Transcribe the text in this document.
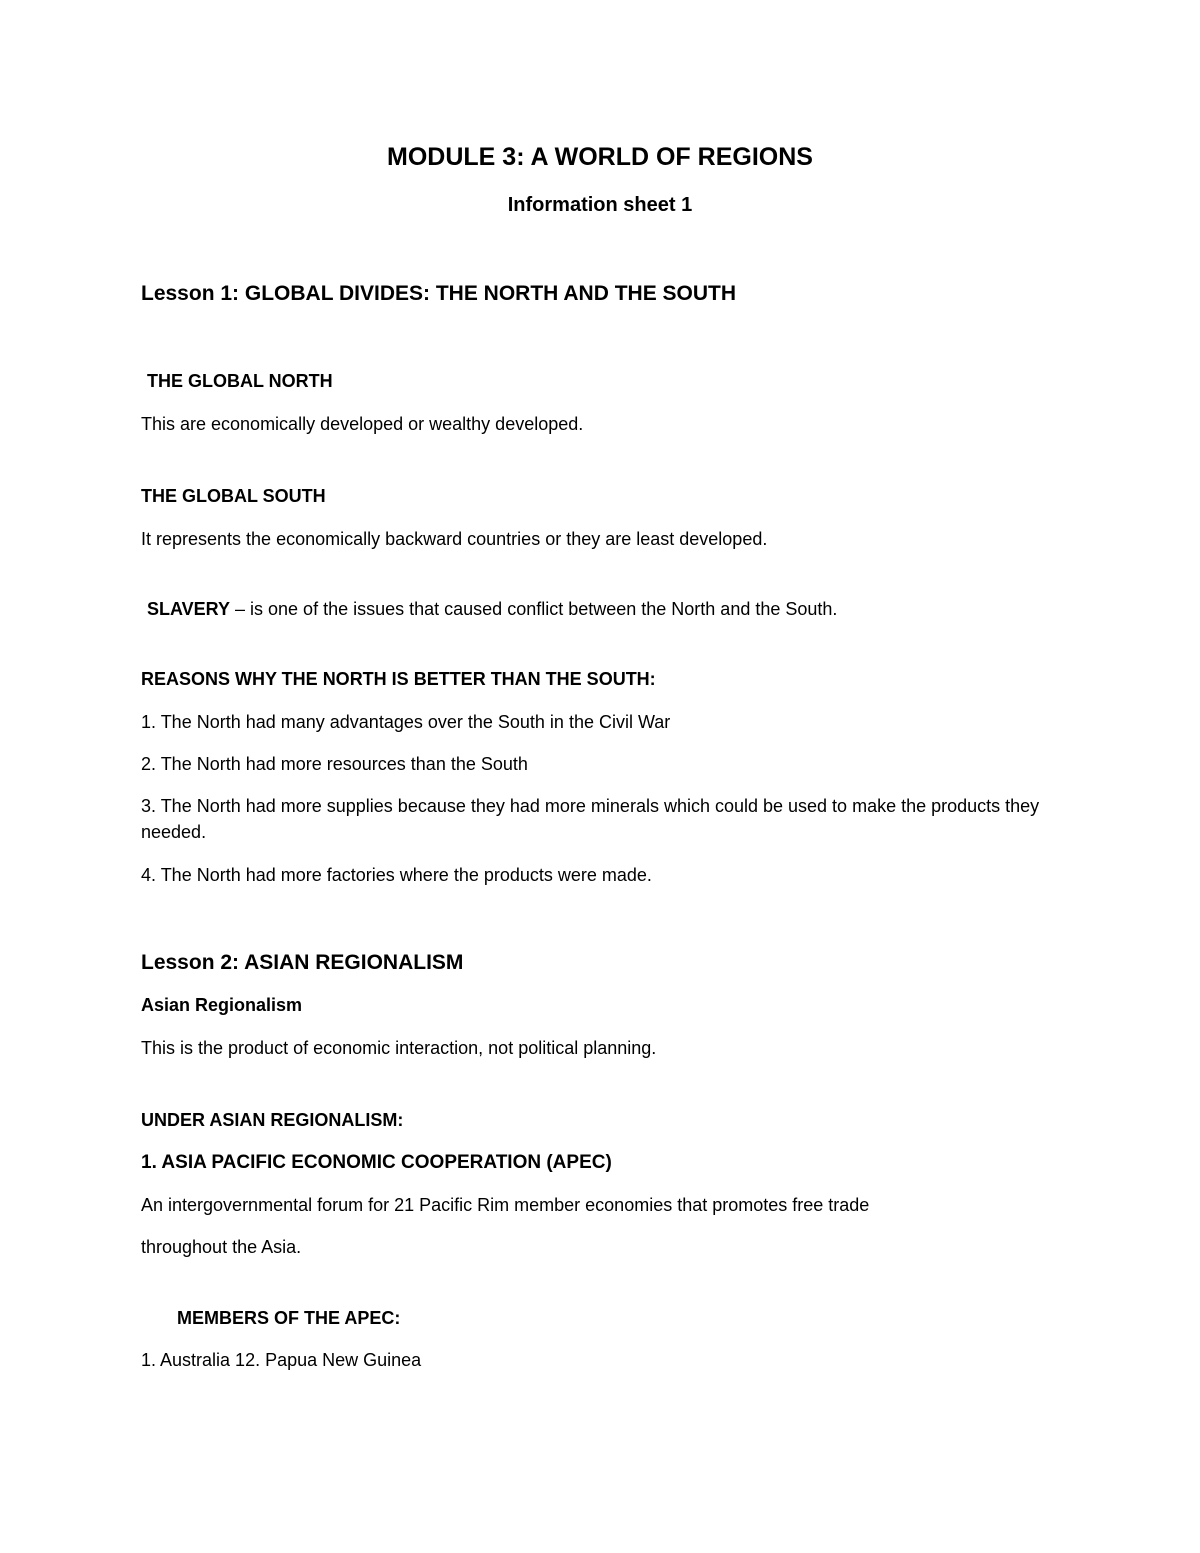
MODULE 3: A WORLD OF REGIONS
Information sheet 1
Lesson 1: GLOBAL DIVIDES: THE NORTH AND THE SOUTH
THE GLOBAL NORTH
This are economically developed or wealthy developed.
THE GLOBAL SOUTH
It represents the economically backward countries or they are least developed.
SLAVERY – is one of the issues that caused conflict between the North and the South.
REASONS WHY THE NORTH IS BETTER THAN THE SOUTH:
1. The North had many advantages over the South in the Civil War
2. The North had more resources than the South
3. The North had more supplies because they had more minerals which could be used to make the products they needed.
4. The North had more factories where the products were made.
Lesson 2: ASIAN REGIONALISM
Asian Regionalism
This is the product of economic interaction, not political planning.
UNDER ASIAN REGIONALISM:
1. ASIA PACIFIC ECONOMIC COOPERATION (APEC)
An intergovernmental forum for 21 Pacific Rim member economies that promotes free trade
throughout the Asia.
MEMBERS OF THE APEC:
1. Australia 12. Papua New Guinea
